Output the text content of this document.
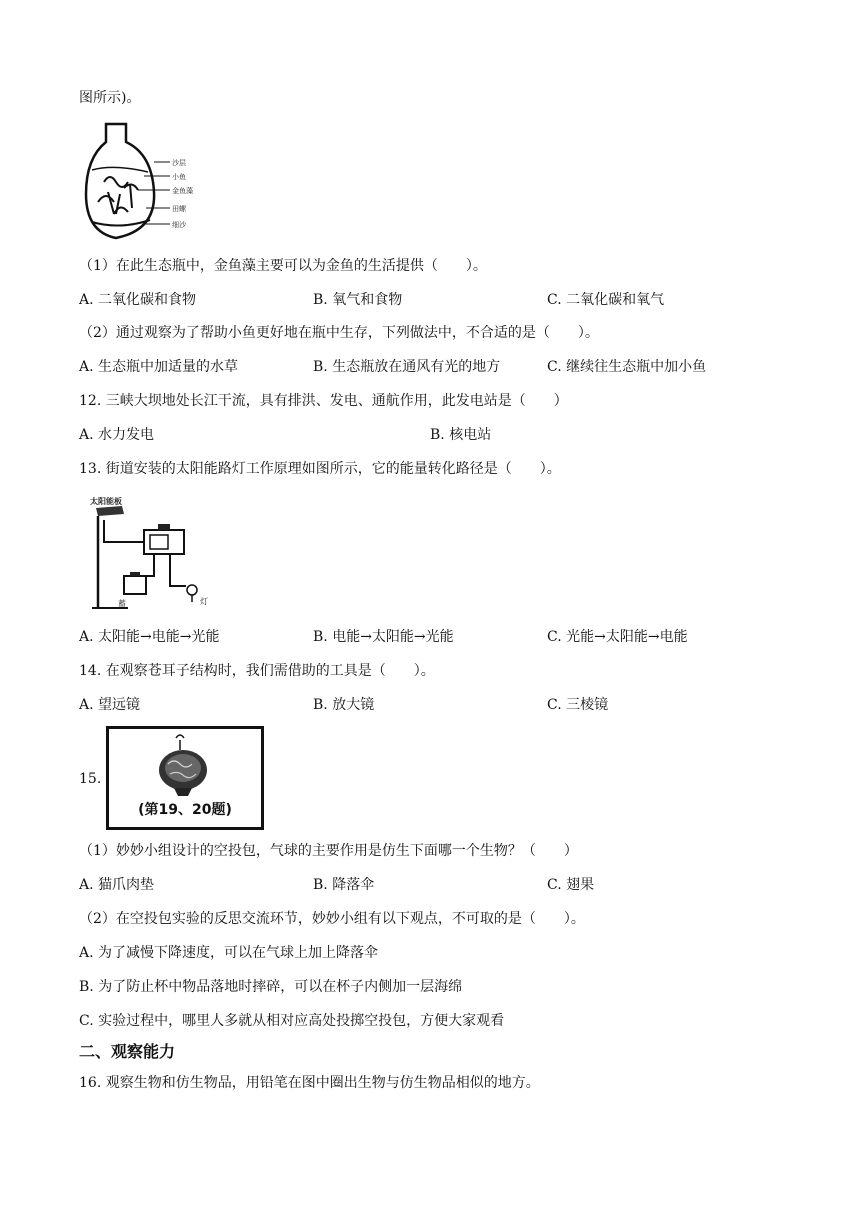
图所示)。
沙层
小鱼
金鱼藻
田螺
细沙
（1）在此生态瓶中，金鱼藻主要可以为金鱼的生活提供（　　）。
A. 二氧化碳和食物	B. 氧气和食物	C. 二氧化碳和氧气
（2）通过观察为了帮助小鱼更好地在瓶中生存，下列做法中，不合适的是（　　）。
A. 生态瓶中加适量的水草	B. 生态瓶放在通风有光的地方	C. 继续往生态瓶中加小鱼
12. 三峡大坝地处长江干流，具有排洪、发电、通航作用，此发电站是（　　）
A. 水力发电	B. 核电站
13. 街道安装的太阳能路灯工作原理如图所示，它的能量转化路径是（　　）。
太阳能板
蓄	灯
A. 太阳能→电能→光能	B. 电能→太阳能→光能	C. 光能→太阳能→电能
14. 在观察苍耳子结构时，我们需借助的工具是（　　）。
A. 望远镜	B. 放大镜	C. 三棱镜
15.
(第19、20题)
（1）妙妙小组设计的空投包，气球的主要作用是仿生下面哪一个生物？（　　）
A. 猫爪肉垫	B. 降落伞	C. 翅果
（2）在空投包实验的反思交流环节，妙妙小组有以下观点，不可取的是（　　）。
A. 为了减慢下降速度，可以在气球上加上降落伞
B. 为了防止杯中物品落地时摔碎，可以在杯子内侧加一层海绵
C. 实验过程中，哪里人多就从相对应高处投掷空投包，方便大家观看
二、观察能力
16. 观察生物和仿生物品，用铅笔在图中圈出生物与仿生物品相似的地方。
